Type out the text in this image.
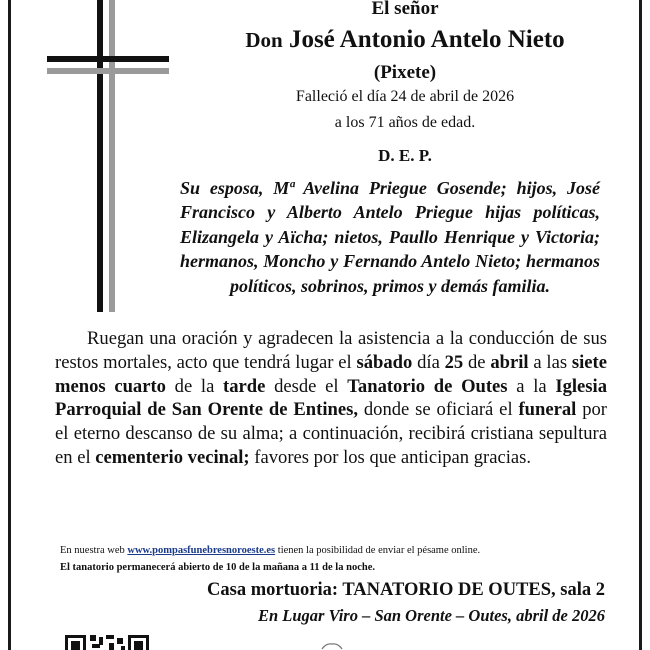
El señor
Don José Antonio Antelo Nieto
(Pixete)
Falleció el día 24 de abril de 2026
a los 71 años de edad.
D. E. P.
Su esposa, Mª Avelina Priegue Gosende; hijos, José Francisco y Alberto Antelo Priegue hijas políticas, Elizangela y Aïcha; nietos, Paullo Henrique y Victoria; hermanos, Moncho y Fernando Antelo Nieto; hermanos políticos, sobrinos, primos y demás familia.
Ruegan una oración y agradecen la asistencia a la conducción de sus restos mortales, acto que tendrá lugar el sábado día 25 de abril a las siete menos cuarto de la tarde desde el Tanatorio de Outes a la Iglesia Parroquial de San Orente de Entines, donde se oficiará el funeral por el eterno descanso de su alma; a continuación, recibirá cristiana sepultura en el cementerio vecinal; favores por los que anticipan gracias.
En nuestra web www.pompasfunebresnoroeste.es tienen la posibilidad de enviar el pésame online.
El tanatorio permanecerá abierto de 10 de la mañana a 11 de la noche.
Casa mortuoria: TANATORIO DE OUTES, sala 2
En Lugar Viro – San Orente – Outes, abril de 2026
